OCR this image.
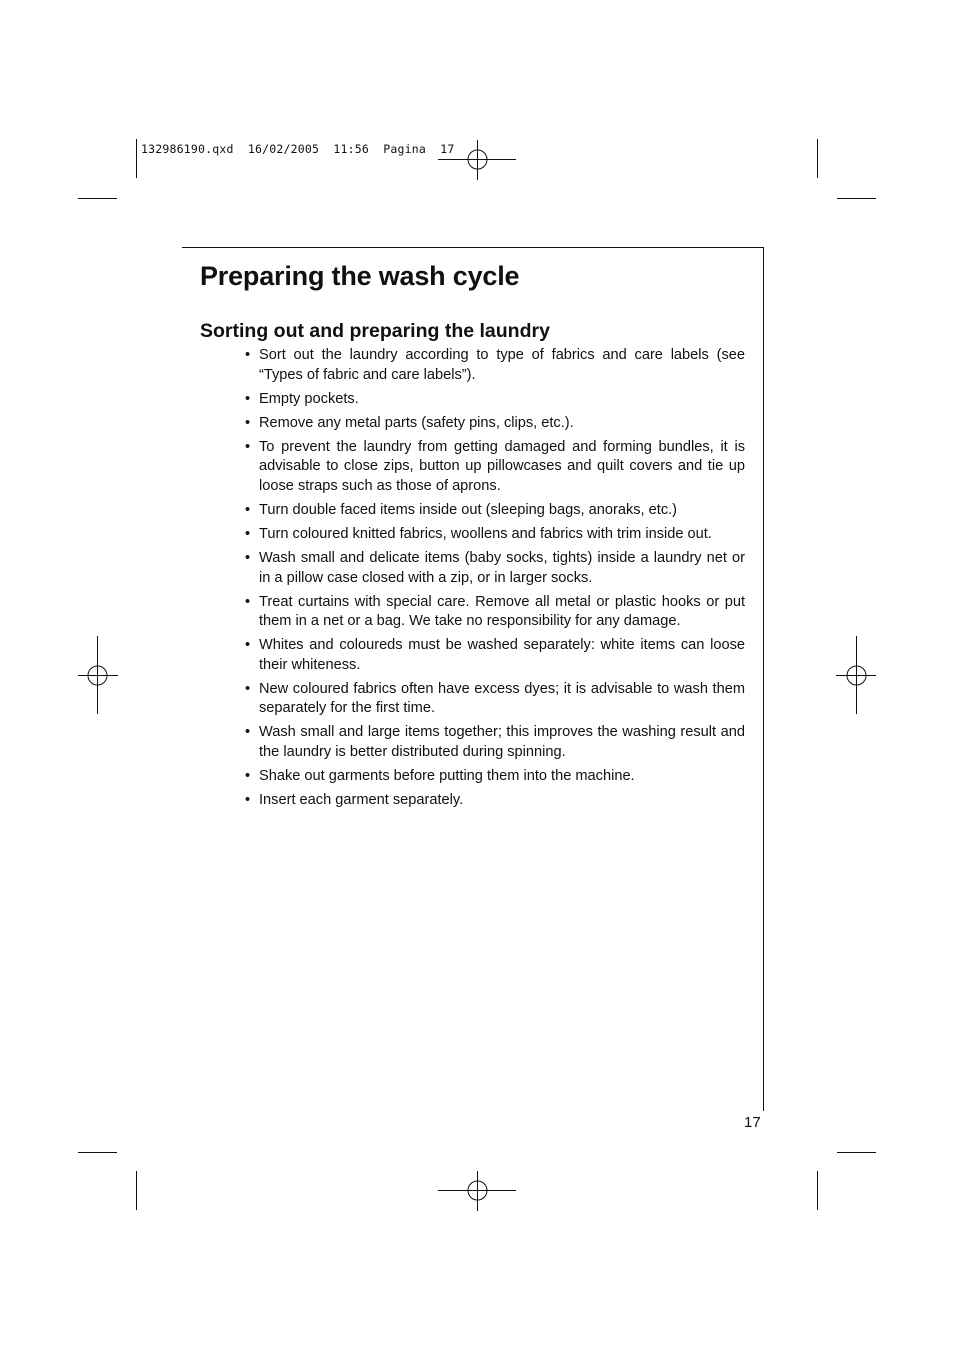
132986190.qxd  16/02/2005  11:56  Pagina  17
Preparing the wash cycle
Sorting out and preparing the laundry
• Sort out the laundry according to type of fabrics and care labels (see “Types of fabric and care labels”).
• Empty pockets.
• Remove any metal parts (safety pins, clips, etc.).
• To prevent the laundry from getting damaged and forming bundles, it is advisable to close zips, button up pillowcases and quilt covers and tie up loose straps such as those of aprons.
• Turn double faced items inside out (sleeping bags, anoraks, etc.)
• Turn coloured knitted fabrics, woollens and fabrics with trim inside out.
• Wash small and delicate items (baby socks, tights) inside a laundry net or in a pillow case closed with a zip, or in larger socks.
• Treat curtains with special care. Remove all metal or plastic hooks or put them in a net or a bag. We take no responsibility for any damage.
• Whites and coloureds must be washed separately: white items can loose their whiteness.
• New coloured fabrics often have excess dyes; it is advisable to wash them separately for the first time.
• Wash small and large items together; this improves the washing result and the laundry is better distributed during spinning.
• Shake out garments before putting them into the machine.
• Insert each garment separately.
17
